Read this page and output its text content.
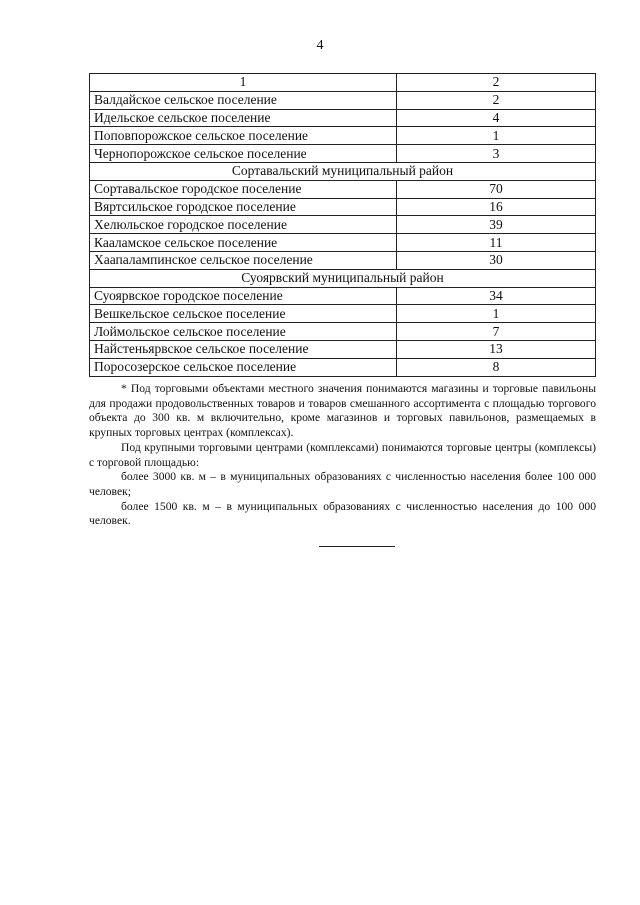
4
1	2
Валдайское сельское поселение	2
Идельское сельское поселение	4
Поповпорожское сельское поселение	1
Чернопорожское сельское поселение	3
Сортавальский муниципальный район	
Сортавальское городское поселение	70
Вяртсильское городское поселение	16
Хелюльское городское поселение	39
Кааламское сельское поселение	11
Хаапалампинское сельское поселение	30
Суоярвский муниципальный район	
Суоярвское городское поселение	34
Вешкельское сельское поселение	1
Лоймольское сельское поселение	7
Найстеньярвское сельское поселение	13
Поросозерское сельское поселение	8

* Под торговыми объектами местного значения понимаются магазины и торговые павильоны для продажи продовольственных товаров и товаров смешанного ассортимента с площадью торгового объекта до 300 кв. м включительно, кроме магазинов и торговых павильонов, размещаемых в крупных торговых центрах (комплексах).

Под крупными торговыми центрами (комплексами) понимаются торговые центры (комплексы) с торговой площадью:

более 3000 кв. м – в муниципальных образованиях с численностью населения более 100 000 человек;

более 1500 кв. м – в муниципальных образованиях с численностью населения до 100 000 человек.
